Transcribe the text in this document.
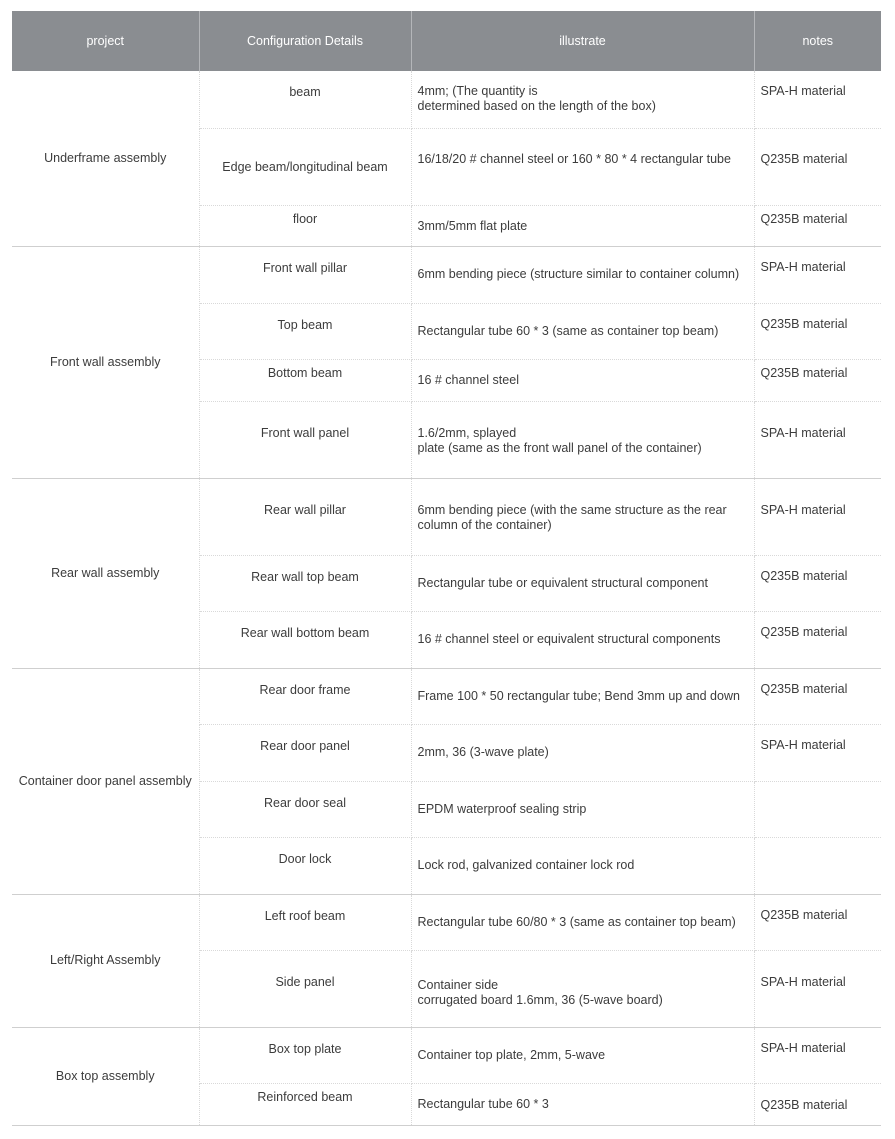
project	Configuration Details	illustrate	notes
Underframe assembly	beam	4mm; (The quantity is
determined based on the length of the box)	SPA-H material

	Edge beam/longitudinal beam	16/18/20 # channel steel or 160 * 80 * 4 rectangular tube	Q235B material

	floor	3mm/5mm flat plate	Q235B material

Front wall assembly	Front wall pillar	6mm bending piece (structure similar to container column)	SPA-H material

	Top beam	Rectangular tube 60 * 3 (same as container top beam)	Q235B material

	Bottom beam	16 # channel steel	Q235B material

	Front wall panel	1.6/2mm, splayed
plate (same as the front wall panel of the container)	SPA-H material

Rear wall assembly	Rear wall pillar	6mm bending piece (with the same structure as the rear
column of the container)	SPA-H material

	Rear wall top beam	Rectangular tube or equivalent structural component	Q235B material

	Rear wall bottom beam	16 # channel steel or equivalent structural components	Q235B material

Container door panel assembly	Rear door frame	Frame 100 * 50 rectangular tube; Bend 3mm up and down	Q235B material

	Rear door panel	2mm, 36 (3-wave plate)	SPA-H material

	Rear door seal	EPDM waterproof sealing strip	

	Door lock	Lock rod, galvanized container lock rod	

Left/Right Assembly	Left roof beam	Rectangular tube 60/80 * 3 (same as container top beam)	Q235B material

	Side panel	Container side
corrugated board 1.6mm, 36 (5-wave board)	SPA-H material

Box top assembly	Box top plate	Container top plate, 2mm, 5-wave	SPA-H material

	Reinforced beam	Rectangular tube 60 * 3	Q235B material
